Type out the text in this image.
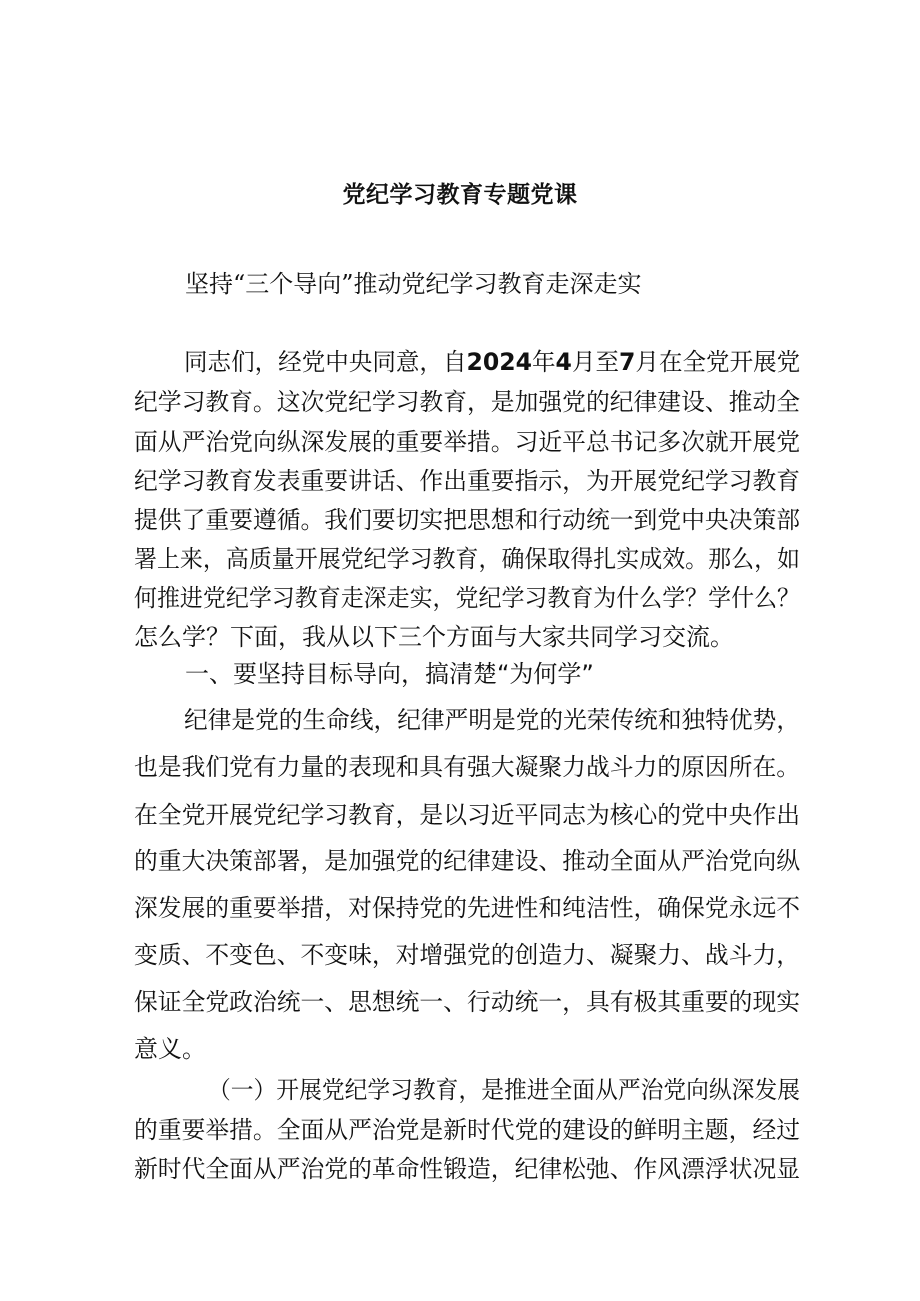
党纪学习教育专题党课
坚持“三个导向”推动党纪学习教育走深走实
同志们，经党中央同意，自2024年4月至7月在全党开展党
纪学习教育。这次党纪学习教育，是加强党的纪律建设、推动全
面从严治党向纵深发展的重要举措。习近平总书记多次就开展党
纪学习教育发表重要讲话、作出重要指示，为开展党纪学习教育
提供了重要遵循。我们要切实把思想和行动统一到党中央决策部
署上来，高质量开展党纪学习教育，确保取得扎实成效。那么，如
何推进党纪学习教育走深走实，党纪学习教育为什么学？学什么？
怎么学？下面，我从以下三个方面与大家共同学习交流。
一、要坚持目标导向，搞清楚“为何学”
纪律是党的生命线，纪律严明是党的光荣传统和独特优势，
也是我们党有力量的表现和具有强大凝聚力战斗力的原因所在。
在全党开展党纪学习教育，是以习近平同志为核心的党中央作出
的重大决策部署，是加强党的纪律建设、推动全面从严治党向纵
深发展的重要举措，对保持党的先进性和纯洁性，确保党永远不
变质、不变色、不变味，对增强党的创造力、凝聚力、战斗力，
保证全党政治统一、思想统一、行动统一，具有极其重要的现实
意义。
（一）开展党纪学习教育，是推进全面从严治党向纵深发展
的重要举措。全面从严治党是新时代党的建设的鲜明主题，经过
新时代全面从严治党的革命性锻造，纪律松弛、作风漂浮状况显
